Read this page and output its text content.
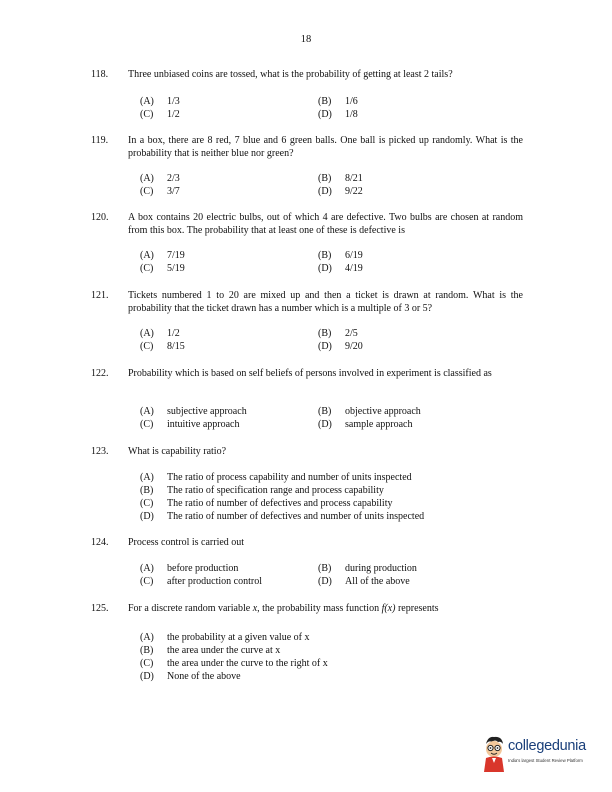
18
118. Three unbiased coins are tossed, what is the probability of getting at least 2 tails?
(A) 1/3	(B) 1/6
(C) 1/2	(D) 1/8
119. In a box, there are 8 red, 7 blue and 6 green balls. One ball is picked up randomly. What is the probability that is neither blue nor green?
(A) 2/3	(B) 8/21
(C) 3/7	(D) 9/22
120. A box contains 20 electric bulbs, out of which 4 are defective. Two bulbs are chosen at random from this box. The probability that at least one of these is defective is
(A) 7/19	(B) 6/19
(C) 5/19	(D) 4/19
121. Tickets numbered 1 to 20 are mixed up and then a ticket is drawn at random. What is the probability that the ticket drawn has a number which is a multiple of 3 or 5?
(A) 1/2	(B) 2/5
(C) 8/15	(D) 9/20
122. Probability which is based on self beliefs of persons involved in experiment is classified as
(A) subjective approach	(B) objective approach
(C) intuitive approach	(D) sample approach
123. What is capability ratio?
(A) The ratio of process capability and number of units inspected
(B) The ratio of specification range and process capability
(C) The ratio of number of defectives and process capability
(D) The ratio of number of defectives and number of units inspected
124. Process control is carried out
(A) before production	(B) during production
(C) after production control	(D) All of the above
125. For a discrete random variable x, the probability mass function f(x) represents
(A) the probability at a given value of x
(B) the area under the curve at x
(C) the area under the curve to the right of x
(D) None of the above
collegedunia
India's largest Student Review Platform
